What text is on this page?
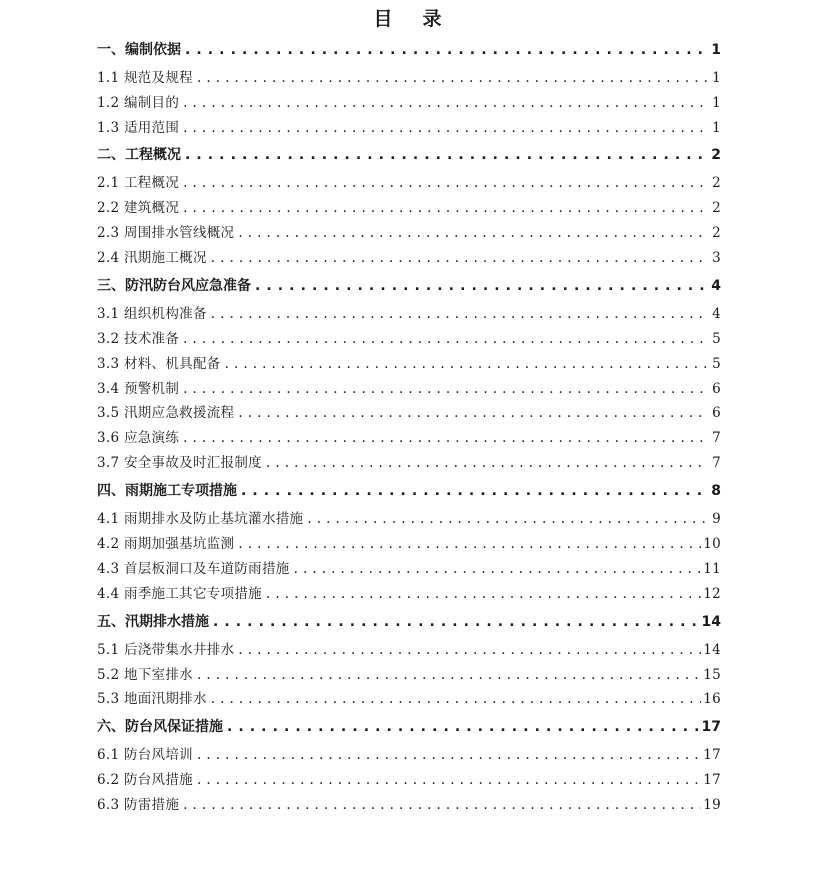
目 录
一、编制依据 . . .	1
1.1 规范及规程 . . .	1
1.2 编制目的 . . .	1
1.3 适用范围 . . .	1
二、工程概况 . . .	2
2.1 工程概况 . . .	2
2.2 建筑概况 . . .	2
2.3 周围排水管线概况 . . .	2
2.4 汛期施工概况 . . .	3
三、防汛防台风应急准备 . . .	4
3.1 组织机构准备 . . .	4
3.2 技术准备 . . .	5
3.3 材料、机具配备 . . .	5
3.4 预警机制 . . .	6
3.5 汛期应急救援流程 . . .	6
3.6 应急演练 . . .	7
3.7 安全事故及时汇报制度 . . .	7
四、雨期施工专项措施 . . .	8
4.1 雨期排水及防止基坑灌水措施 . . .	9
4.2 雨期加强基坑监测 . . .	10
4.3 首层板洞口及车道防雨措施 . . .	11
4.4 雨季施工其它专项措施 . . .	12
五、汛期排水措施 . . .	14
5.1 后浇带集水井排水 . . .	14
5.2 地下室排水 . . .	15
5.3 地面汛期排水 . . .	16
六、防台风保证措施 . . .	17
6.1 防台风培训 . . .	17
6.2 防台风措施 . . .	17
6.3 防雷措施 . . .	19
